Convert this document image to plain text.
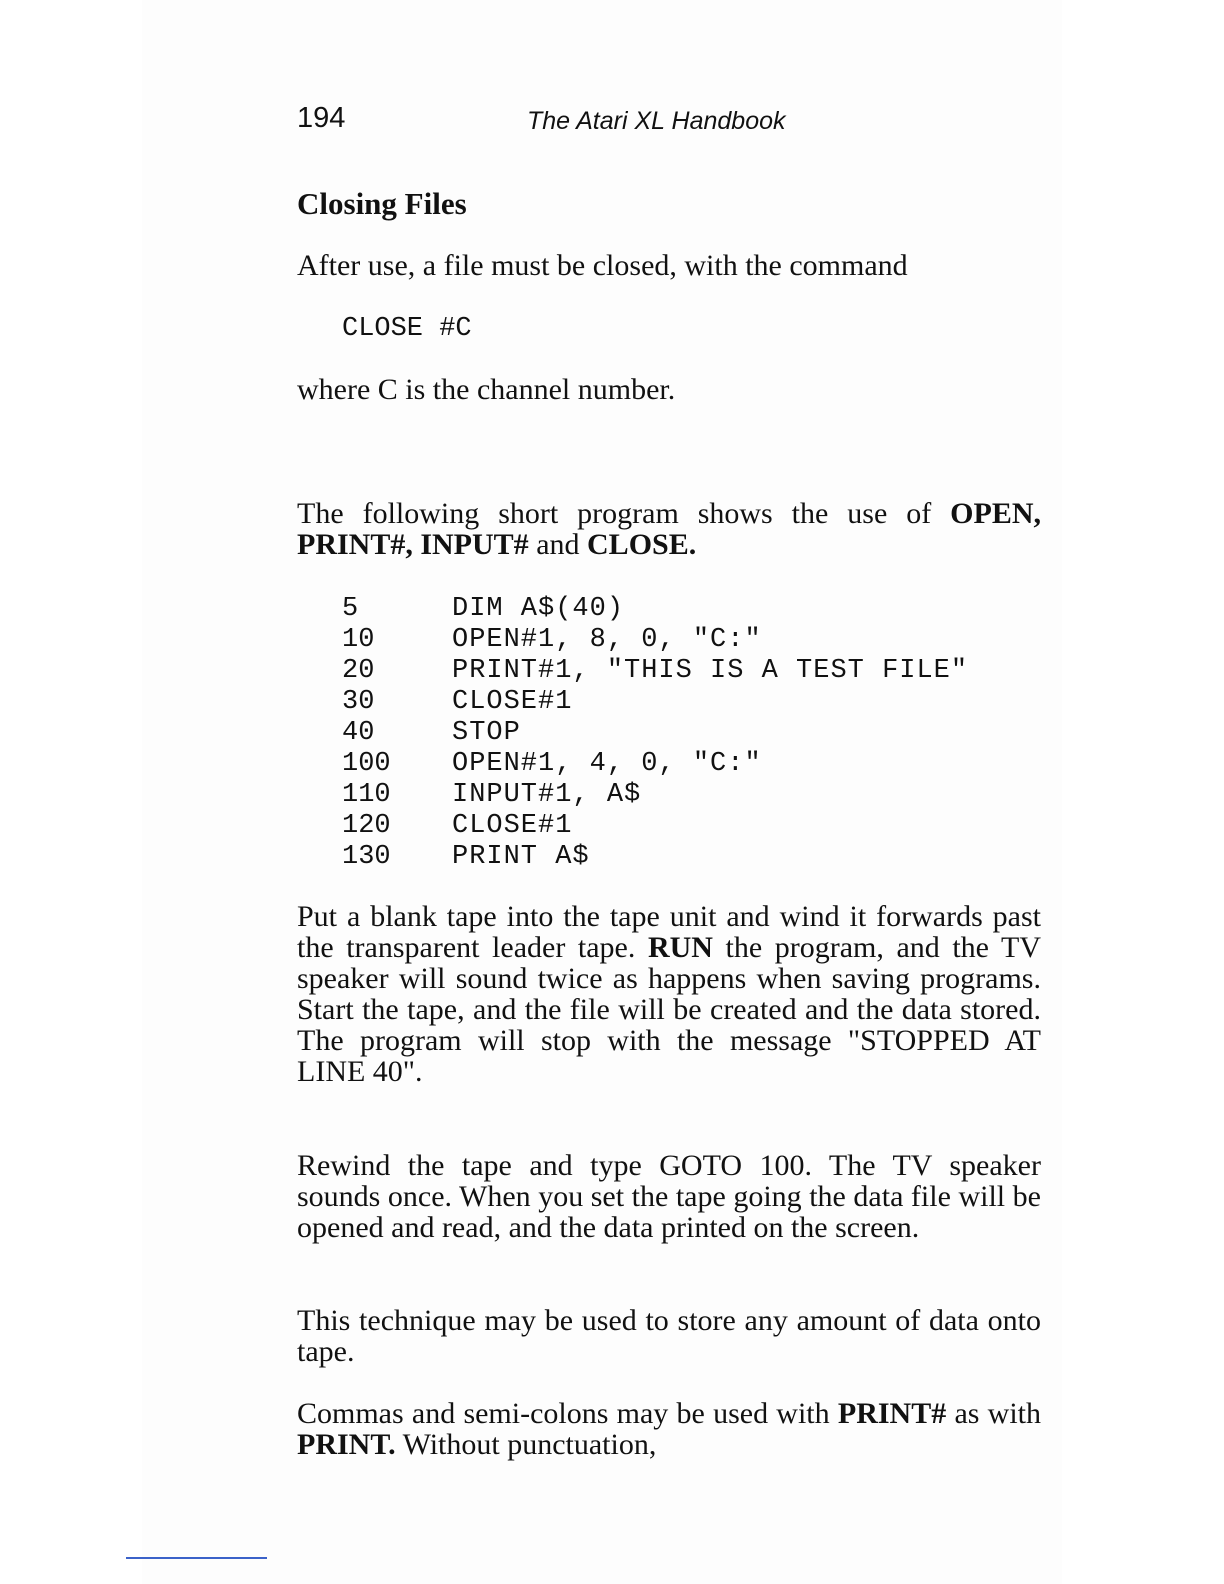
194	The Atari XL Handbook
Closing Files

After use, a file must be closed, with the command

CLOSE #C

where C is the channel number.

The following short program shows the use of OPEN, PRINT#, INPUT# and CLOSE.

5	DIM A$(40)
10	OPEN#1, 8, 0, "C:"
20	PRINT#1, "THIS IS A TEST FILE"
30	CLOSE#1
40	STOP
100	OPEN#1, 4, 0, "C:"
110	INPUT#1, A$
120	CLOSE#1
130	PRINT A$

Put a blank tape into the tape unit and wind it forwards past the transparent leader tape. RUN the program, and the TV speaker will sound twice as happens when saving programs. Start the tape, and the file will be created and the data stored. The program will stop with the message "STOPPED AT LINE 40".

Rewind the tape and type GOTO 100. The TV speaker sounds once. When you set the tape going the data file will be opened and read, and the data printed on the screen.

This technique may be used to store any amount of data onto tape.

Commas and semi-colons may be used with PRINT# as with PRINT. Without punctuation,
